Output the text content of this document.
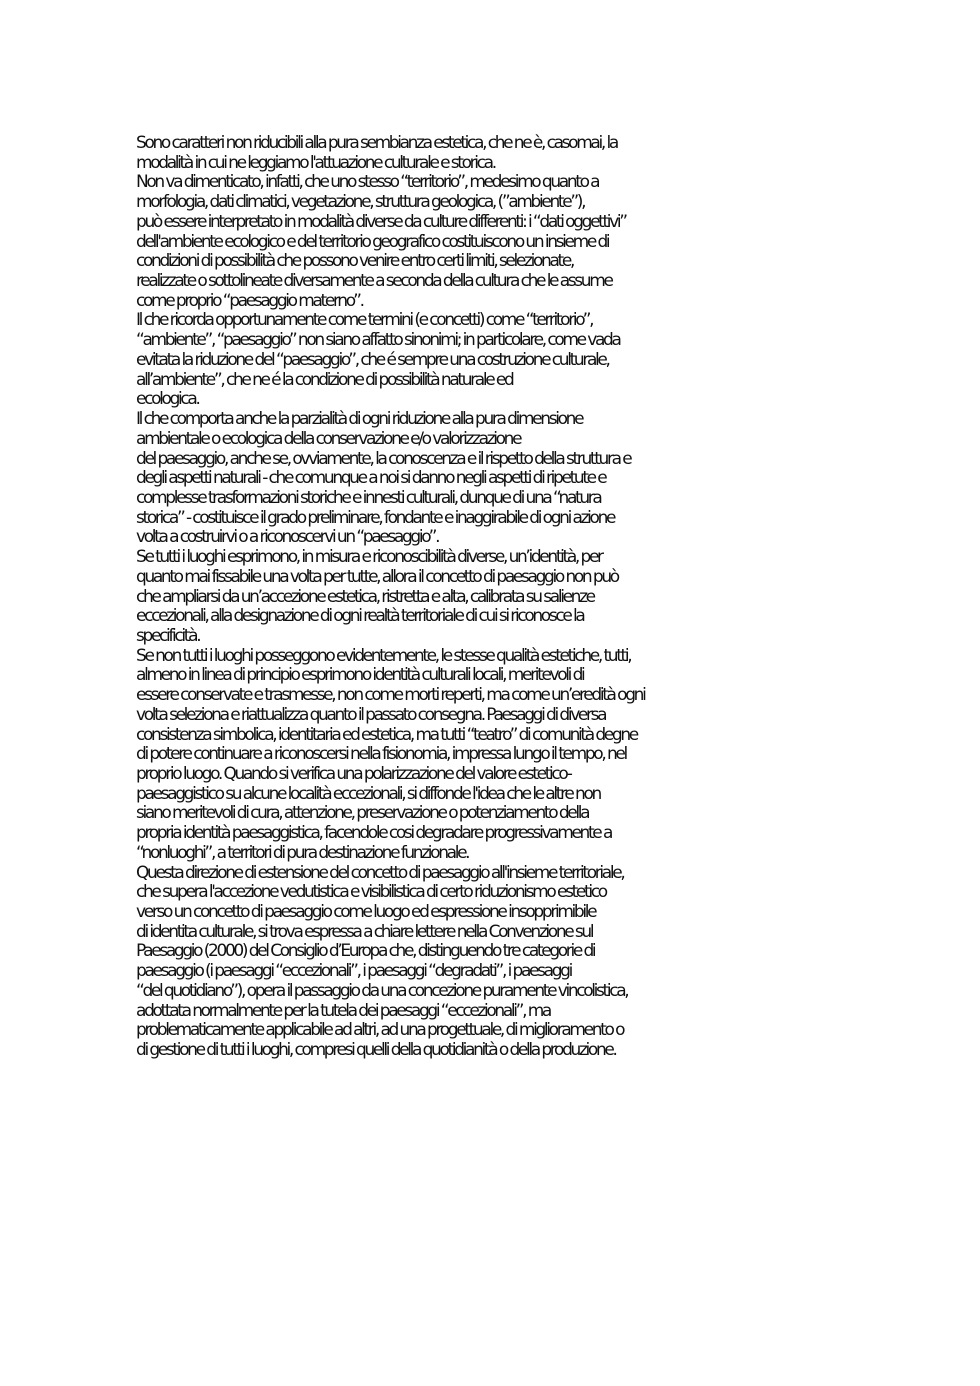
Sono caratteri non riducibili alla pura sembianza estetica, che ne è, casomai, la
modalità in cui ne leggiamo l'attuazione culturale e storica.
Non va dimenticato, infatti, che uno stesso “territorio”, medesimo quanto a
morfologia, dati climatici, vegetazione, struttura geologica, (”ambiente”),
può essere interpretato in modalità diverse da culture differenti: i “dati oggettivi”
dell'ambiente ecologico e del territorio geografico costituiscono un insieme di
condizioni di possibilità che possono venire entro certi limiti, selezionate,
realizzate o sottolineate diversamente a seconda della cultura che le assume
come proprio “paesaggio materno”.
Il che ricorda opportunamente come termini (e concetti) come “territorio”,
“ambiente”, “paesaggio” non siano affatto sinonimi; in particolare, come vada
evitata la riduzione del “paesaggio”, che é sempre una costruzione culturale,
all’ambiente”, che ne é la condizione di possibilità naturale ed
ecologica.
Il che comporta anche la parzialità di ogni riduzione alla pura dimensione
ambientale o ecologica della conservazione e/o valorizzazione
del paesaggio, anche se, ovviamente, la conoscenza e il rispetto della struttura e
degli aspetti naturali - che comunque a noi si danno negli aspetti di ripetute e
complesse trasformazioni storiche e innesti culturali, dunque di una “natura
storica” - costituisce il grado preliminare, fondante e inaggirabile di ogni azione
volta a costruirvi o a riconoscervi un “paesaggio”.
Se tutti i luoghi esprimono, in misura e riconoscibilità diverse, un’identità, per
quanto mai fissabile una volta per tutte, allora il concetto di paesaggio non può
che ampliarsi da un’accezione estetica, ristretta e alta, calibrata su salienze
eccezionali, alla designazione di ogni realtà territoriale di cui si riconosce la
specificità.
Se non tutti i luoghi posseggono evidentemente, le stesse qualità estetiche, tutti,
almeno in linea di principio esprimono identità culturali locali, meritevoli di
essere conservate e trasmesse, non come morti reperti, ma come un’eredità ogni
volta seleziona e riattualizza quanto il passato consegna. Paesaggi di diversa
consistenza simbolica, identitaria ed estetica, ma tutti “teatro” di comunità degne
di potere continuare a riconoscersi nella fisionomia, impressa lungo il tempo, nel
proprio luogo. Quando si verifica una polarizzazione del valore estetico-
paesaggistico su alcune località eccezionali, si diffonde l'idea che le altre non
siano meritevoli di cura, attenzione, preservazione o potenziamento della
propria identità paesaggistica, facendole cosi degradare progressivamente a
“nonluoghi”, a territori di pura destinazione funzionale.
Questa direzione di estensione del concetto di paesaggio all'insieme territoriale,
che supera l'accezione vedutistica e visibilistica di certo riduzionismo estetico
verso un concetto di paesaggio come luogo ed espressione insopprimibile
di identita culturale, si trova espressa a chiare lettere nella Convenzione sul
Paesaggio (2000) del Consiglio d’Europa che, distinguendo tre categorie di
paesaggio (i paesaggi “eccezionali”, i paesaggi “degradati”, i paesaggi
“del quotidiano”), opera il passaggio da una concezione puramente vincolistica,
adottata normalmente per la tutela dei paesaggi “eccezionali”, ma
problematicamente applicabile ad altri, ad una progettuale, di miglioramento o
di gestione di tutti i luoghi, compresi quelli della quotidianità o della produzione.
